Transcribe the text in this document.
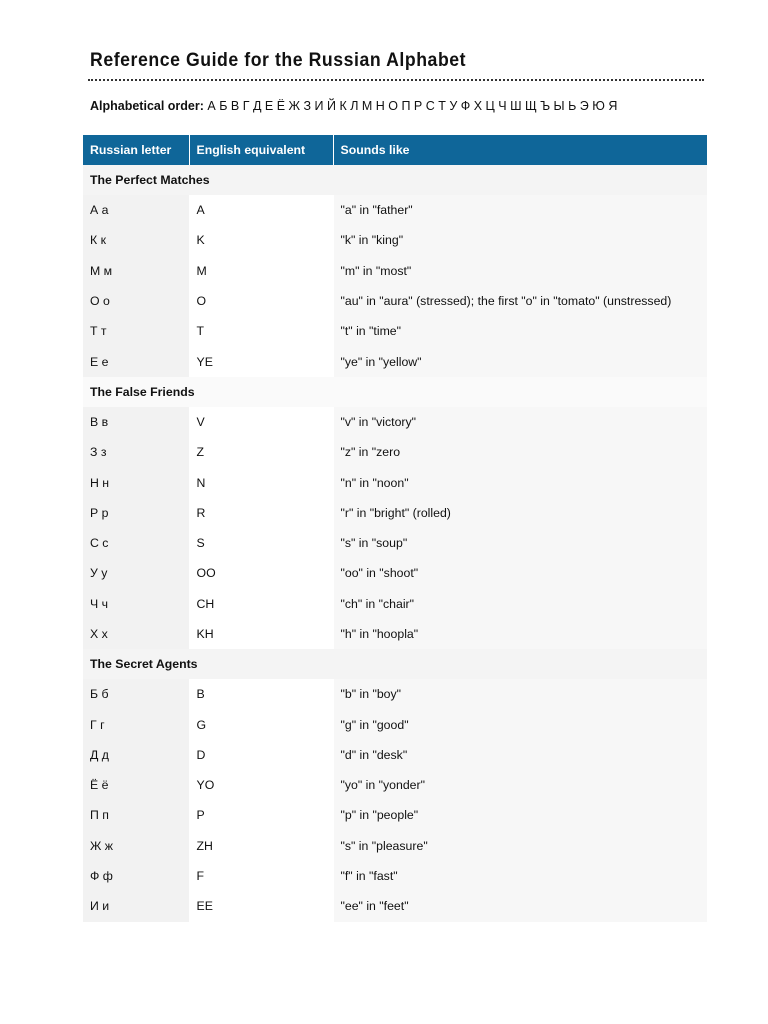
Reference Guide for the Russian Alphabet
Alphabetical order: А Б В Г Д Е Ё Ж З И Й К Л М Н О П Р С Т У Ф Х Ц Ч Ш Щ Ъ Ы Ь Э Ю Я
Russian letter	English equivalent	Sounds like
The Perfect Matches		
А а	A	"a" in "father"
К к	K	"k" in "king"
М м	M	"m" in "most"
О о	O	"au" in "aura" (stressed); the first "o" in "tomato" (unstressed)
Т т	T	"t" in "time"
Е е	YE	"ye" in "yellow"
The False Friends		
В в	V	"v" in "victory"
З з	Z	"z" in "zero
Н н	N	"n" in "noon"
Р р	R	"r" in "bright" (rolled)
С с	S	"s" in "soup"
У у	OO	"oo" in "shoot"
Ч ч	CH	"ch" in "chair"
Х х	KH	"h" in "hoopla"
The Secret Agents		
Б б	B	"b" in "boy"
Г г	G	"g" in "good"
Д д	D	"d" in "desk"
Ё ё	YO	"yo" in "yonder"
П п	P	"p" in "people"
Ж ж	ZH	"s" in "pleasure"
Ф ф	F	"f" in "fast"
И и	EE	"ee" in "feet"
